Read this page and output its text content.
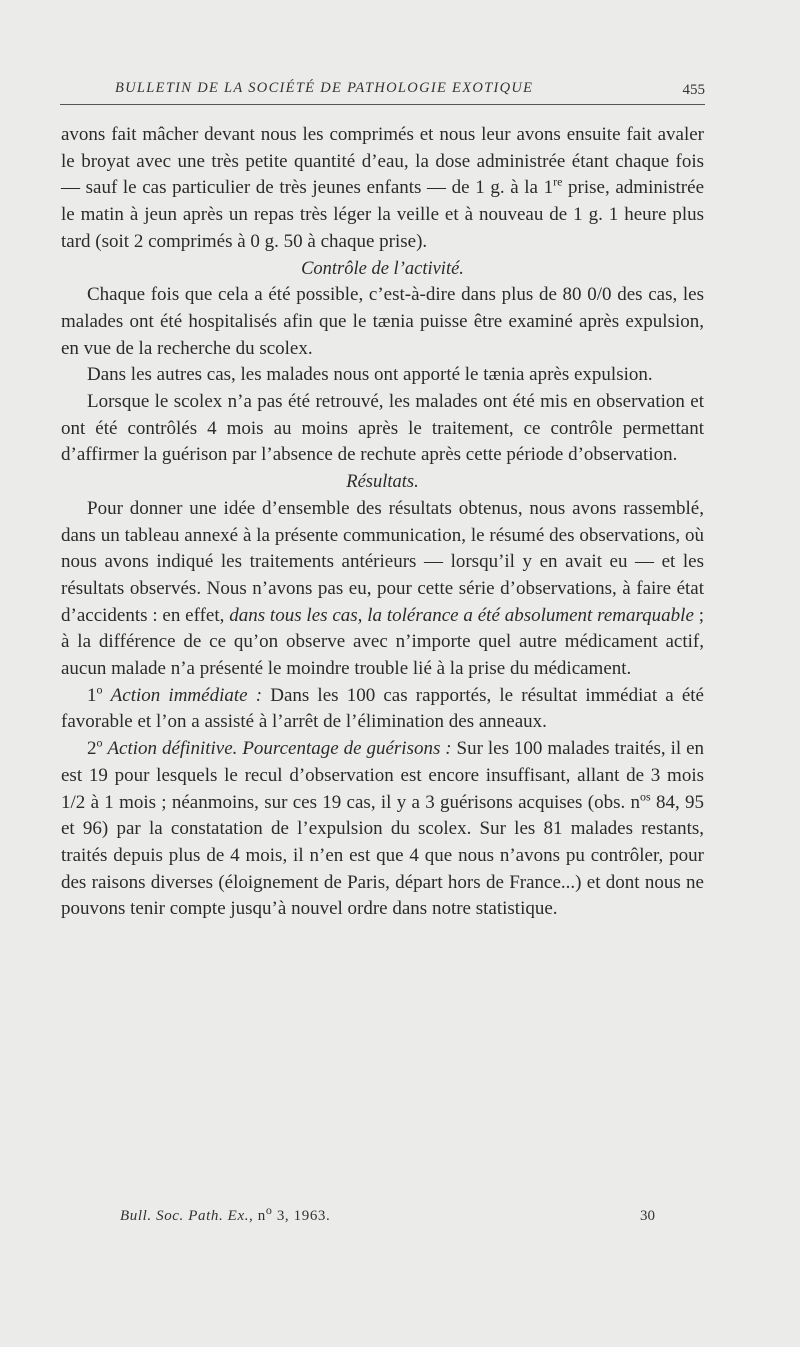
BULLETIN DE LA SOCIÉTÉ DE PATHOLOGIE EXOTIQUE	455

avons fait mâcher devant nous les comprimés et nous leur avons ensuite fait avaler le broyat avec une très petite quantité d’eau, la dose administrée étant chaque fois — sauf le cas particulier de très jeunes enfants — de 1 g. à la 1re prise, administrée le matin à jeun après un repas très léger la veille et à nouveau de 1 g. 1 heure plus tard (soit 2 comprimés à 0 g. 50 à chaque prise).

Contrôle de l’activité.

Chaque fois que cela a été possible, c’est-à-dire dans plus de 80 0/0 des cas, les malades ont été hospitalisés afin que le tænia puisse être examiné après expulsion, en vue de la recherche du scolex.

Dans les autres cas, les malades nous ont apporté le tænia après expulsion.

Lorsque le scolex n’a pas été retrouvé, les malades ont été mis en observation et ont été contrôlés 4 mois au moins après le traitement, ce contrôle permettant d’affirmer la guérison par l’absence de rechute après cette période d’observation.

Résultats.

Pour donner une idée d’ensemble des résultats obtenus, nous avons rassemblé, dans un tableau annexé à la présente communication, le résumé des observations, où nous avons indiqué les traitements antérieurs — lorsqu’il y en avait eu — et les résultats observés. Nous n’avons pas eu, pour cette série d’observations, à faire état d’accidents : en effet, dans tous les cas, la tolérance a été absolument remarquable ; à la différence de ce qu’on observe avec n’importe quel autre médicament actif, aucun malade n’a présenté le moindre trouble lié à la prise du médicament.

1$^o$ Action immédiate : Dans les 100 cas rapportés, le résultat immédiat a été favorable et l’on a assisté à l’arrêt de l’élimination des anneaux.

2$^o$ Action définitive. Pourcentage de guérisons : Sur les 100 malades traités, il en est 19 pour lesquels le recul d’observation est encore insuffisant, allant de 3 mois 1/2 à 1 mois ; néanmoins, sur ces 19 cas, il y a 3 guérisons acquises (obs. $n^{os}$ 84, 95 et 96) par la constatation de l’expulsion du scolex. Sur les 81 malades restants, traités depuis plus de 4 mois, il n’en est que 4 que nous n’avons pu contrôler, pour des raisons diverses (éloignement de Paris, départ hors de France...) et dont nous ne pouvons tenir compte jusqu’à nouvel ordre dans notre statistique.

Bull. Soc. Path. Ex., $n^o$ 3, 1963.	30
